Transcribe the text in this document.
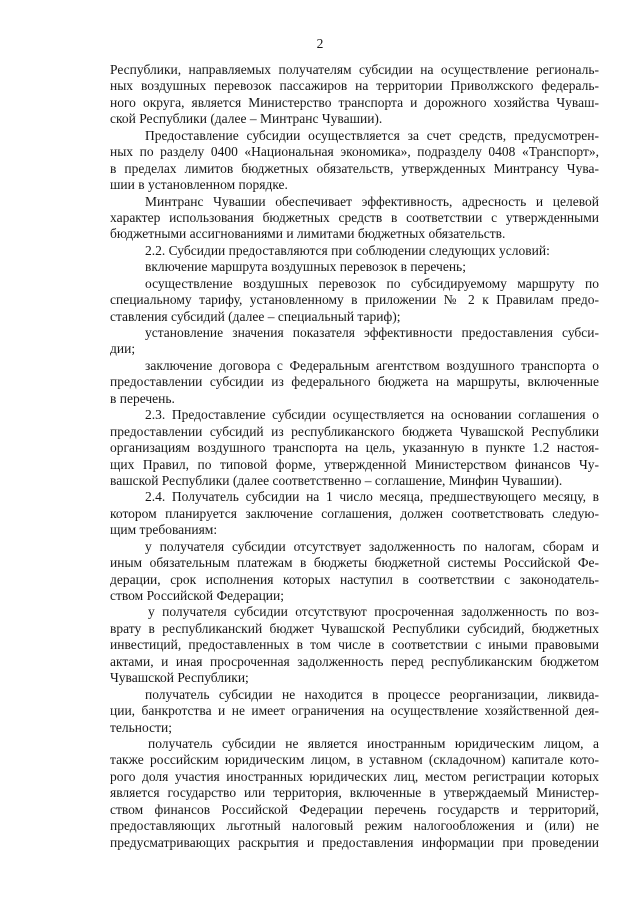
2
Республики, направляемых получателям субсидии на осуществление региональ-
ных воздушных перевозок пассажиров на территории Приволжского федераль-
ного округа, является Министерство транспорта и дорожного хозяйства Чуваш-
ской Республики (далее – Минтранс Чувашии).
Предоставление субсидии осуществляется за счет средств, предусмотрен-
ных по разделу 0400 «Национальная экономика», подразделу 0408 «Транспорт»,
в пределах лимитов бюджетных обязательств, утвержденных Минтрансу Чува-
шии в установленном порядке.
Минтранс Чувашии обеспечивает эффективность, адресность и целевой
характер использования бюджетных средств в соответствии с утвержденными
бюджетными ассигнованиями и лимитами бюджетных обязательств.
2.2. Субсидии предоставляются при соблюдении следующих условий:
включение маршрута воздушных перевозок в перечень;
осуществление воздушных перевозок по субсидируемому маршруту по
специальному тарифу, установленному в приложении № 2 к Правилам предо-
ставления субсидий (далее – специальный тариф);
установление значения показателя эффективности предоставления субси-
дии;
заключение договора с Федеральным агентством воздушного транспорта о
предоставлении субсидии из федерального бюджета на маршруты, включенные
в перечень.
2.3. Предоставление субсидии осуществляется на основании соглашения о
предоставлении субсидий из республиканского бюджета Чувашской Республики
организациям воздушного транспорта на цель, указанную в пункте 1.2 настоя-
щих Правил, по типовой форме, утвержденной Министерством финансов Чу-
вашской Республики (далее соответственно – соглашение, Минфин Чувашии).
2.4. Получатель субсидии на 1 число месяца, предшествующего месяцу, в
котором планируется заключение соглашения, должен соответствовать следую-
щим требованиям:
у получателя субсидии отсутствует задолженность по налогам, сборам и
иным обязательным платежам в бюджеты бюджетной системы Российской Фе-
дерации, срок исполнения которых наступил в соответствии с законодатель-
ством Российской Федерации;
у получателя субсидии отсутствуют просроченная задолженность по воз-
врату в республиканский бюджет Чувашской Республики субсидий, бюджетных
инвестиций, предоставленных в том числе в соответствии с иными правовыми
актами, и иная просроченная задолженность перед республиканским бюджетом
Чувашской Республики;
получатель субсидии не находится в процессе реорганизации, ликвида-
ции, банкротства и не имеет ограничения на осуществление хозяйственной дея-
тельности;
получатель субсидии не является иностранным юридическим лицом, а
также российским юридическим лицом, в уставном (складочном) капитале кото-
рого доля участия иностранных юридических лиц, местом регистрации которых
является государство или территория, включенные в утверждаемый Министер-
ством финансов Российской Федерации перечень государств и территорий,
предоставляющих льготный налоговый режим налогообложения и (или) не
предусматривающих раскрытия и предоставления информации при проведении
